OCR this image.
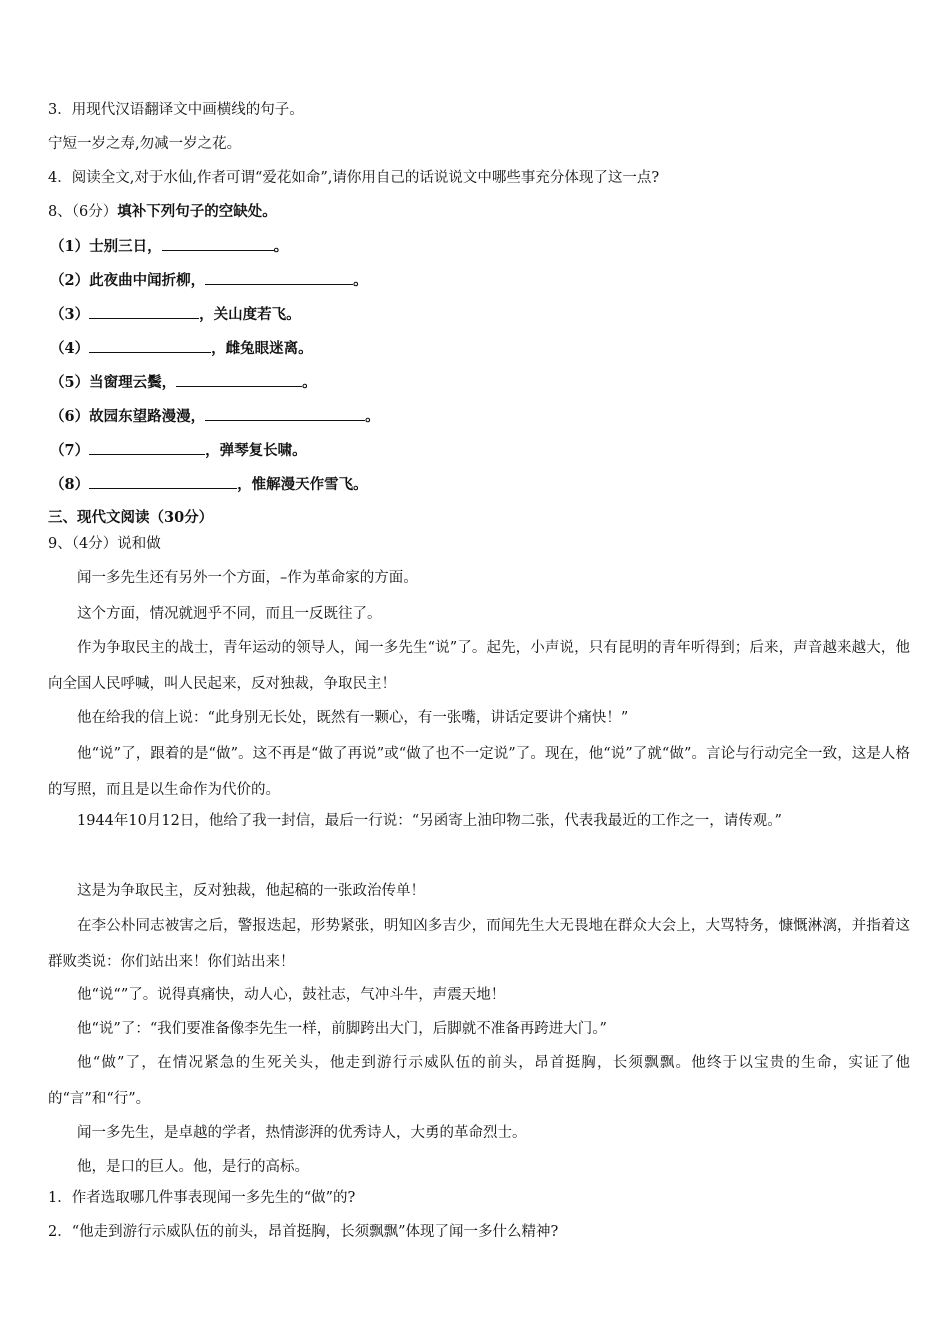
3．用现代汉语翻译文中画横线的句子。
宁短一岁之寿,勿减一岁之花。
4．阅读全文,对于水仙,作者可谓“爱花如命”,请你用自己的话说说文中哪些事充分体现了这一点?
8、（6分）填补下列句子的空缺处。
（1）士别三日，	。
（2）此夜曲中闻折柳，	。
（3）	，关山度若飞。
（4）	，雌兔眼迷离。
（5）当窗理云鬓，	。
（6）故园东望路漫漫，	。
（7）	，弹琴复长啸。
（8）	，惟解漫天作雪飞。
三、现代文阅读（30分）
9、（4分）说和做
闻一多先生还有另外一个方面，–作为革命家的方面。
这个方面，情况就迥乎不同，而且一反既往了。
作为争取民主的战士，青年运动的领导人，闻一多先生“说”了。起先，小声说，只有昆明的青年听得到；后来，声音越来越大，他向全国人民呼喊，叫人民起来，反对独裁，争取民主！
他在给我的信上说：“此身别无长处，既然有一颗心，有一张嘴，讲话定要讲个痛快！”
他“说”了，跟着的是“做”。这不再是“做了再说”或“做了也不一定说”了。现在，他“说”了就“做”。言论与行动完全一致，这是人格的写照，而且是以生命作为代价的。
1944年10月12日，他给了我一封信，最后一行说：“另函寄上油印物二张，代表我最近的工作之一，请传观。”
这是为争取民主，反对独裁，他起稿的一张政治传单！
在李公朴同志被害之后，警报迭起，形势紧张，明知凶多吉少，而闻先生大无畏地在群众大会上，大骂特务，慷慨淋漓，并指着这群败类说：你们站出来！你们站出来！
他“说“”了。说得真痛快，动人心，鼓社志，气冲斗牛，声震天地！
他“说”了：“我们要准备像李先生一样，前脚跨出大门，后脚就不准备再跨进大门。”
他“做”了，在情况紧急的生死关头，他走到游行示威队伍的前头，昂首挺胸，长须飘飘。他终于以宝贵的生命，实证了他的“言”和“行”。
闻一多先生，是卓越的学者，热情澎湃的优秀诗人，大勇的革命烈士。
他，是口的巨人。他，是行的高标。
1．作者选取哪几件事表现闻一多先生的“做”的?
2．“他走到游行示威队伍的前头，昂首挺胸，长须飘飘”体现了闻一多什么精神?
